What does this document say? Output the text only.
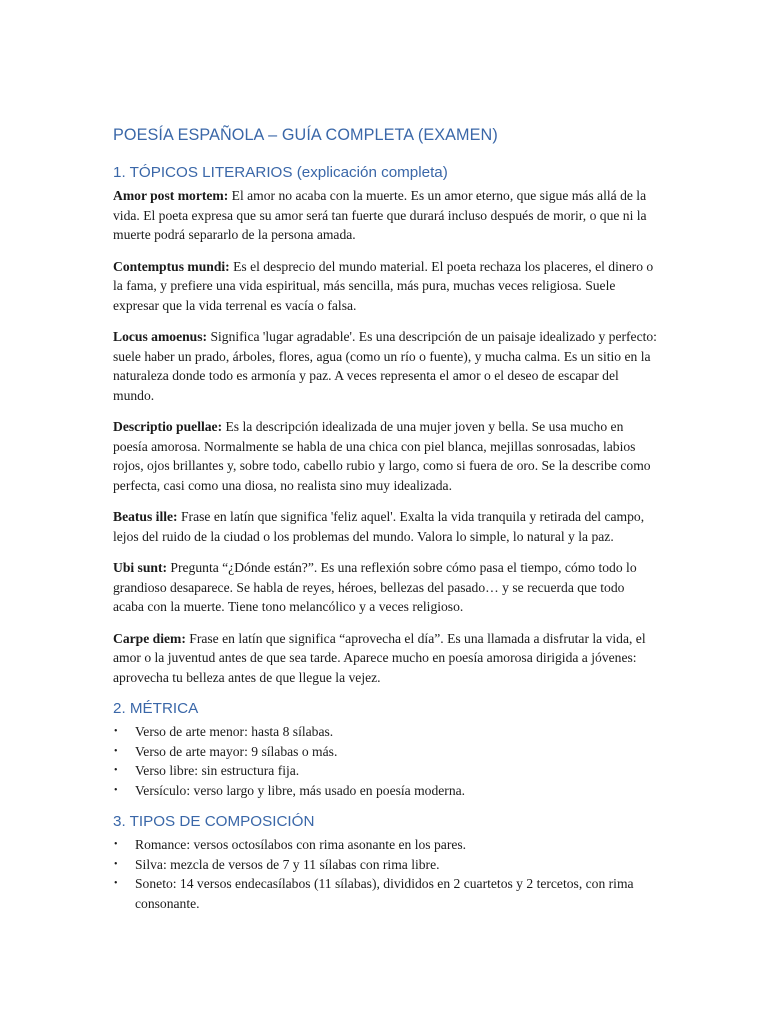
POESÍA ESPAÑOLA – GUÍA COMPLETA (EXAMEN)
1. TÓPICOS LITERARIOS (explicación completa)

Amor post mortem: El amor no acaba con la muerte. Es un amor eterno, que sigue más allá de la vida. El poeta expresa que su amor será tan fuerte que durará incluso después de morir, o que ni la muerte podrá separarlo de la persona amada.

Contemptus mundi: Es el desprecio del mundo material. El poeta rechaza los placeres, el dinero o la fama, y prefiere una vida espiritual, más sencilla, más pura, muchas veces religiosa. Suele expresar que la vida terrenal es vacía o falsa.

Locus amoenus: Significa 'lugar agradable'. Es una descripción de un paisaje idealizado y perfecto: suele haber un prado, árboles, flores, agua (como un río o fuente), y mucha calma. Es un sitio en la naturaleza donde todo es armonía y paz. A veces representa el amor o el deseo de escapar del mundo.

Descriptio puellae: Es la descripción idealizada de una mujer joven y bella. Se usa mucho en poesía amorosa. Normalmente se habla de una chica con piel blanca, mejillas sonrosadas, labios rojos, ojos brillantes y, sobre todo, cabello rubio y largo, como si fuera de oro. Se la describe como perfecta, casi como una diosa, no realista sino muy idealizada.

Beatus ille: Frase en latín que significa 'feliz aquel'. Exalta la vida tranquila y retirada del campo, lejos del ruido de la ciudad o los problemas del mundo. Valora lo simple, lo natural y la paz.

Ubi sunt: Pregunta “¿Dónde están?”. Es una reflexión sobre cómo pasa el tiempo, cómo todo lo grandioso desaparece. Se habla de reyes, héroes, bellezas del pasado… y se recuerda que todo acaba con la muerte. Tiene tono melancólico y a veces religioso.

Carpe diem: Frase en latín que significa “aprovecha el día”. Es una llamada a disfrutar la vida, el amor o la juventud antes de que sea tarde. Aparece mucho en poesía amorosa dirigida a jóvenes: aprovecha tu belleza antes de que llegue la vejez.

2. MÉTRICA
• Verso de arte menor: hasta 8 sílabas.
• Verso de arte mayor: 9 sílabas o más.
• Verso libre: sin estructura fija.
• Versículo: verso largo y libre, más usado en poesía moderna.
3. TIPOS DE COMPOSICIÓN
• Romance: versos octosílabos con rima asonante en los pares.
• Silva: mezcla de versos de 7 y 11 sílabas con rima libre.
• Soneto: 14 versos endecasílabos (11 sílabas), divididos en 2 cuartetos y 2 tercetos, con rima consonante.
